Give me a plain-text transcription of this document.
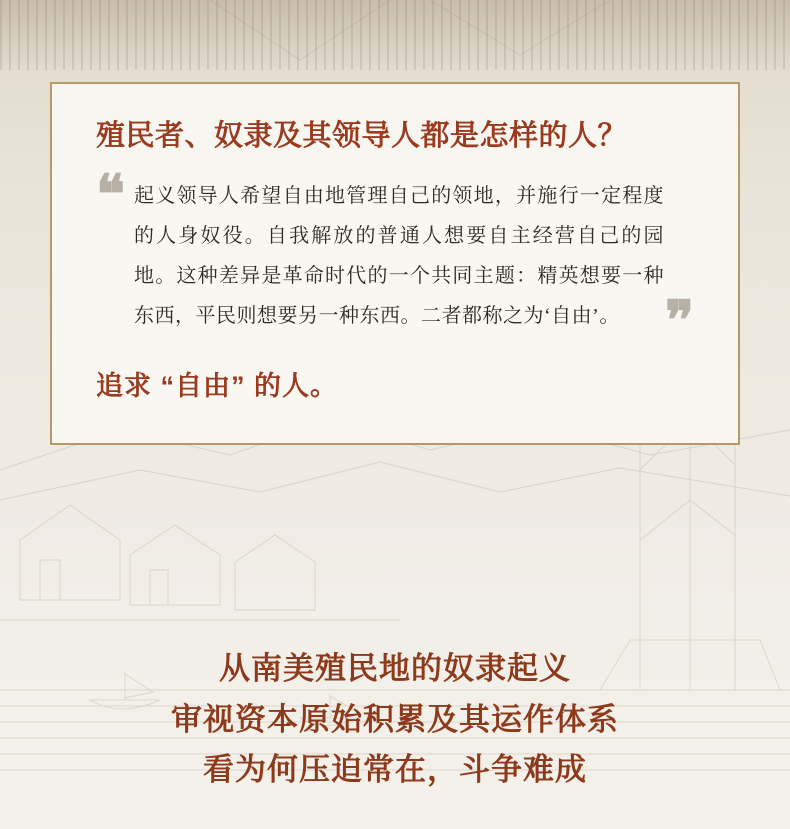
殖民者、奴隶及其领导人都是怎样的人？
❝ 起义领导人希望自由地管理自己的领地，并施行一定程度的人身奴役。自我解放的普通人想要自主经营自己的园地。这种差异是革命时代的一个共同主题：精英想要一种东西，平民则想要另一种东西。二者都称之为‘自由’。 ❞
追求 “自由” 的人。
从南美殖民地的奴隶起义
审视资本原始积累及其运作体系
看为何压迫常在，斗争难成
